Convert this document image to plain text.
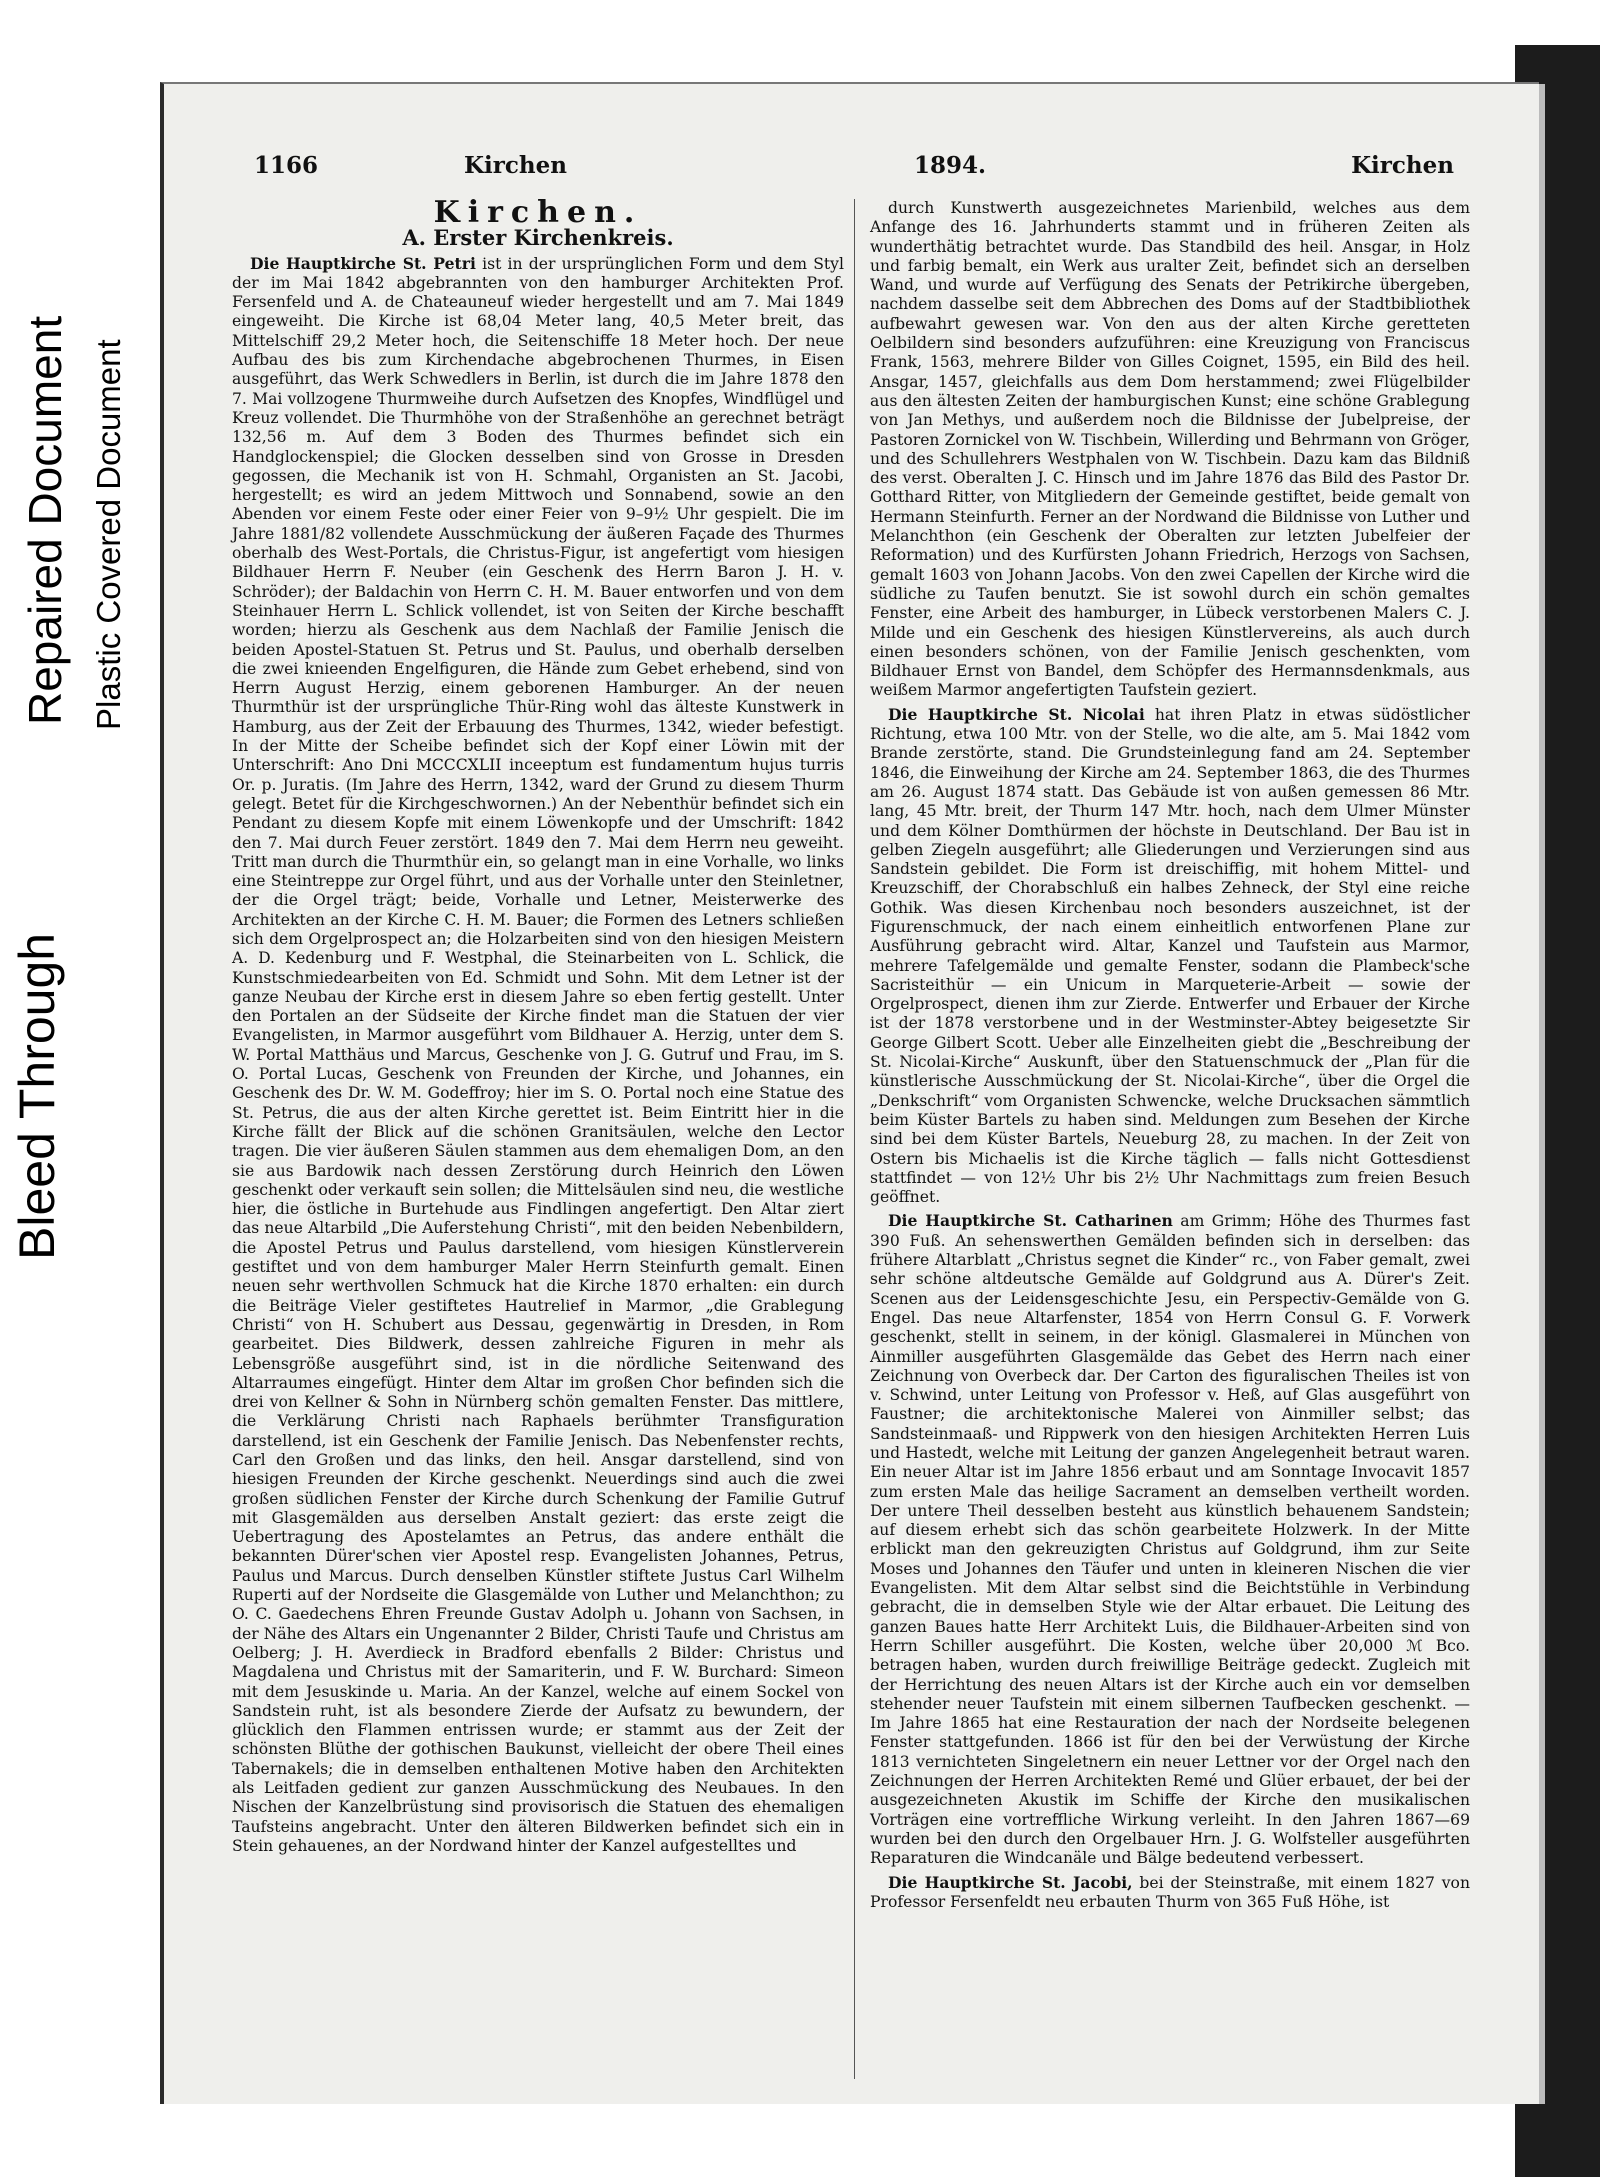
Bleed Through
Repaired Document Plastic Covered Document
1166	Kirchen	1894.	Kirchen
Kirchen.
A. Erster Kirchenkreis.

Die Hauptkirche St. Petri ist in der ursprünglichen Form und dem Styl der im Mai 1842 abgebrannten von den hamburger Architekten Prof. Fersenfeld und A. de Chateauneuf wieder hergestellt und am 7. Mai 1849 eingeweiht. Die Kirche ist 68,04 Meter lang, 40,5 Meter breit, das Mittelschiff 29,2 Meter hoch, die Seitenschiffe 18 Meter hoch. Der neue Aufbau des bis zum Kirchendache abgebrochenen Thurmes, in Eisen ausgeführt, das Werk Schwedlers in Berlin, ist durch die im Jahre 1878 den 7. Mai vollzogene Thurmweihe durch Aufsetzen des Knopfes, Windflügel und Kreuz vollendet. Die Thurmhöhe von der Straßenhöhe an gerechnet beträgt 132,56 m. Auf dem 3 Boden des Thurmes befindet sich ein Handglockenspiel; die Glocken desselben sind von Grosse in Dresden gegossen, die Mechanik ist von H. Schmahl, Organisten an St. Jacobi, hergestellt; es wird an jedem Mittwoch und Sonnabend, sowie an den Abenden vor einem Feste oder einer Feier von 9–9½ Uhr gespielt. Die im Jahre 1881/82 vollendete Ausschmückung der äußeren Façade des Thurmes oberhalb des West-Portals, die Christus-Figur, ist angefertigt vom hiesigen Bildhauer Herrn F. Neuber (ein Geschenk des Herrn Baron J. H. v. Schröder); der Baldachin von Herrn C. H. M. Bauer entworfen und von dem Steinhauer Herrn L. Schlick vollendet, ist von Seiten der Kirche beschafft worden; hierzu als Geschenk aus dem Nachlaß der Familie Jenisch die beiden Apostel-Statuen St. Petrus und St. Paulus, und oberhalb derselben die zwei knieenden Engelfiguren, die Hände zum Gebet erhebend, sind von Herrn August Herzig, einem geborenen Hamburger. An der neuen Thurmthür ist der ursprüngliche Thür-Ring wohl das älteste Kunstwerk in Hamburg, aus der Zeit der Erbauung des Thurmes, 1342, wieder befestigt. In der Mitte der Scheibe befindet sich der Kopf einer Löwin mit der Unterschrift: Ano Dni MCCCXLII inceeptum est fundamentum hujus turris Or. p. Juratis. (Im Jahre des Herrn, 1342, ward der Grund zu diesem Thurm gelegt. Betet für die Kirchgeschwornen.) An der Nebenthür befindet sich ein Pendant zu diesem Kopfe mit einem Löwenkopfe und der Umschrift: 1842 den 7. Mai durch Feuer zerstört. 1849 den 7. Mai dem Herrn neu geweiht. Tritt man durch die Thurmthür ein, so gelangt man in eine Vorhalle, wo links eine Steintreppe zur Orgel führt, und aus der Vorhalle unter den Steinletner, der die Orgel trägt; beide, Vorhalle und Letner, Meisterwerke des Architekten an der Kirche C. H. M. Bauer; die Formen des Letners schließen sich dem Orgelprospect an; die Holzarbeiten sind von den hiesigen Meistern A. D. Kedenburg und F. Westphal, die Steinarbeiten von L. Schlick, die Kunstschmiedearbeiten von Ed. Schmidt und Sohn. Mit dem Letner ist der ganze Neubau der Kirche erst in diesem Jahre so eben fertig gestellt. Unter den Portalen an der Südseite der Kirche findet man die Statuen der vier Evangelisten, in Marmor ausgeführt vom Bildhauer A. Herzig, unter dem S. W. Portal Matthäus und Marcus, Geschenke von J. G. Gutruf und Frau, im S. O. Portal Lucas, Geschenk von Freunden der Kirche, und Johannes, ein Geschenk des Dr. W. M. Godeffroy; hier im S. O. Portal noch eine Statue des St. Petrus, die aus der alten Kirche gerettet ist. Beim Eintritt hier in die Kirche fällt der Blick auf die schönen Granitsäulen, welche den Lector tragen. Die vier äußeren Säulen stammen aus dem ehemaligen Dom, an den sie aus Bardowik nach dessen Zerstörung durch Heinrich den Löwen geschenkt oder verkauft sein sollen; die Mittelsäulen sind neu, die westliche hier, die östliche in Burtehude aus Findlingen angefertigt. Den Altar ziert das neue Altarbild „Die Auferstehung Christi“, mit den beiden Nebenbildern, die Apostel Petrus und Paulus darstellend, vom hiesigen Künstlerverein gestiftet und von dem hamburger Maler Herrn Steinfurth gemalt. Einen neuen sehr werthvollen Schmuck hat die Kirche 1870 erhalten: ein durch die Beiträge Vieler gestiftetes Hautrelief in Marmor, „die Grablegung Christi“ von H. Schubert aus Dessau, gegenwärtig in Dresden, in Rom gearbeitet. Dies Bildwerk, dessen zahlreiche Figuren in mehr als Lebensgröße ausgeführt sind, ist in die nördliche Seitenwand des Altarraumes eingefügt. Hinter dem Altar im großen Chor befinden sich die drei von Kellner & Sohn in Nürnberg schön gemalten Fenster. Das mittlere, die Verklärung Christi nach Raphaels berühmter Transfiguration darstellend, ist ein Geschenk der Familie Jenisch. Das Nebenfenster rechts, Carl den Großen und das links, den heil. Ansgar darstellend, sind von hiesigen Freunden der Kirche geschenkt. Neuerdings sind auch die zwei großen südlichen Fenster der Kirche durch Schenkung der Familie Gutruf mit Glasgemälden aus derselben Anstalt geziert: das erste zeigt die Uebertragung des Apostelamtes an Petrus, das andere enthält die bekannten Dürer'schen vier Apostel resp. Evangelisten Johannes, Petrus, Paulus und Marcus. Durch denselben Künstler stiftete Justus Carl Wilhelm Ruperti auf der Nordseite die Glasgemälde von Luther und Melanchthon; zu O. C. Gaedechens Ehren Freunde Gustav Adolph u. Johann von Sachsen, in der Nähe des Altars ein Ungenannter 2 Bilder, Christi Taufe und Christus am Oelberg; J. H. Averdieck in Bradford ebenfalls 2 Bilder: Christus und Magdalena und Christus mit der Samariterin, und F. W. Burchard: Simeon mit dem Jesuskinde u. Maria. An der Kanzel, welche auf einem Sockel von Sandstein ruht, ist als besondere Zierde der Aufsatz zu bewundern, der glücklich den Flammen entrissen wurde; er stammt aus der Zeit der schönsten Blüthe der gothischen Baukunst, vielleicht der obere Theil eines Tabernakels; die in demselben enthaltenen Motive haben den Architekten als Leitfaden gedient zur ganzen Ausschmückung des Neubaues. In den Nischen der Kanzelbrüstung sind provisorisch die Statuen des ehemaligen Taufsteins angebracht. Unter den älteren Bildwerken befindet sich ein in Stein gehauenes, an der Nordwand hinter der Kanzel aufgestelltes und

durch Kunstwerth ausgezeichnetes Marienbild, welches aus dem Anfange des 16. Jahrhunderts stammt und in früheren Zeiten als wunderthätig betrachtet wurde. Das Standbild des heil. Ansgar, in Holz und farbig bemalt, ein Werk aus uralter Zeit, befindet sich an derselben Wand, und wurde auf Verfügung des Senats der Petrikirche übergeben, nachdem dasselbe seit dem Abbrechen des Doms auf der Stadtbibliothek aufbewahrt gewesen war. Von den aus der alten Kirche geretteten Oelbildern sind besonders aufzuführen: eine Kreuzigung von Franciscus Frank, 1563, mehrere Bilder von Gilles Coignet, 1595, ein Bild des heil. Ansgar, 1457, gleichfalls aus dem Dom herstammend; zwei Flügelbilder aus den ältesten Zeiten der hamburgischen Kunst; eine schöne Grablegung von Jan Methys, und außerdem noch die Bildnisse der Jubelpreise, der Pastoren Zornickel von W. Tischbein, Willerding und Behrmann von Gröger, und des Schullehrers Westphalen von W. Tischbein. Dazu kam das Bildniß des verst. Oberalten J. C. Hinsch und im Jahre 1876 das Bild des Pastor Dr. Gotthard Ritter, von Mitgliedern der Gemeinde gestiftet, beide gemalt von Hermann Steinfurth. Ferner an der Nordwand die Bildnisse von Luther und Melanchthon (ein Geschenk der Oberalten zur letzten Jubelfeier der Reformation) und des Kurfürsten Johann Friedrich, Herzogs von Sachsen, gemalt 1603 von Johann Jacobs. Von den zwei Capellen der Kirche wird die südliche zu Taufen benutzt. Sie ist sowohl durch ein schön gemaltes Fenster, eine Arbeit des hamburger, in Lübeck verstorbenen Malers C. J. Milde und ein Geschenk des hiesigen Künstlervereins, als auch durch einen besonders schönen, von der Familie Jenisch geschenkten, vom Bildhauer Ernst von Bandel, dem Schöpfer des Hermannsdenkmals, aus weißem Marmor angefertigten Taufstein geziert.

Die Hauptkirche St. Nicolai hat ihren Platz in etwas südöstlicher Richtung, etwa 100 Mtr. von der Stelle, wo die alte, am 5. Mai 1842 vom Brande zerstörte, stand. Die Grundsteinlegung fand am 24. September 1846, die Einweihung der Kirche am 24. September 1863, die des Thurmes am 26. August 1874 statt. Das Gebäude ist von außen gemessen 86 Mtr. lang, 45 Mtr. breit, der Thurm 147 Mtr. hoch, nach dem Ulmer Münster und dem Kölner Domthürmen der höchste in Deutschland. Der Bau ist in gelben Ziegeln ausgeführt; alle Gliederungen und Verzierungen sind aus Sandstein gebildet. Die Form ist dreischiffig, mit hohem Mittel- und Kreuzschiff, der Chorabschluß ein halbes Zehneck, der Styl eine reiche Gothik. Was diesen Kirchenbau noch besonders auszeichnet, ist der Figurenschmuck, der nach einem einheitlich entworfenen Plane zur Ausführung gebracht wird. Altar, Kanzel und Taufstein aus Marmor, mehrere Tafelgemälde und gemalte Fenster, sodann die Plambeck'sche Sacristeithür — ein Unicum in Marqueterie-Arbeit — sowie der Orgelprospect, dienen ihm zur Zierde. Entwerfer und Erbauer der Kirche ist der 1878 verstorbene und in der Westminster-Abtey beigesetzte Sir George Gilbert Scott. Ueber alle Einzelheiten giebt die „Beschreibung der St. Nicolai-Kirche“ Auskunft, über den Statuenschmuck der „Plan für die künstlerische Ausschmückung der St. Nicolai-Kirche“, über die Orgel die „Denkschrift“ vom Organisten Schwencke, welche Drucksachen sämmtlich beim Küster Bartels zu haben sind. Meldungen zum Besehen der Kirche sind bei dem Küster Bartels, Neueburg 28, zu machen. In der Zeit von Ostern bis Michaelis ist die Kirche täglich — falls nicht Gottesdienst stattfindet — von 12½ Uhr bis 2½ Uhr Nachmittags zum freien Besuch geöffnet.

Die Hauptkirche St. Catharinen am Grimm; Höhe des Thurmes fast 390 Fuß. An sehenswerthen Gemälden befinden sich in derselben: das frühere Altarblatt „Christus segnet die Kinder“ rc., von Faber gemalt, zwei sehr schöne altdeutsche Gemälde auf Goldgrund aus A. Dürer's Zeit. Scenen aus der Leidensgeschichte Jesu, ein Perspectiv-Gemälde von G. Engel. Das neue Altarfenster, 1854 von Herrn Consul G. F. Vorwerk geschenkt, stellt in seinem, in der königl. Glasmalerei in München von Ainmiller ausgeführten Glasgemälde das Gebet des Herrn nach einer Zeichnung von Overbeck dar. Der Carton des figuralischen Theiles ist von v. Schwind, unter Leitung von Professor v. Heß, auf Glas ausgeführt von Faustner; die architektonische Malerei von Ainmiller selbst; das Sandsteinmaaß- und Rippwerk von den hiesigen Architekten Herren Luis und Hastedt, welche mit Leitung der ganzen Angelegenheit betraut waren. Ein neuer Altar ist im Jahre 1856 erbaut und am Sonntage Invocavit 1857 zum ersten Male das heilige Sacrament an demselben vertheilt worden. Der untere Theil desselben besteht aus künstlich behauenem Sandstein; auf diesem erhebt sich das schön gearbeitete Holzwerk. In der Mitte erblickt man den gekreuzigten Christus auf Goldgrund, ihm zur Seite Moses und Johannes den Täufer und unten in kleineren Nischen die vier Evangelisten. Mit dem Altar selbst sind die Beichtstühle in Verbindung gebracht, die in demselben Style wie der Altar erbauet. Die Leitung des ganzen Baues hatte Herr Architekt Luis, die Bildhauer-Arbeiten sind von Herrn Schiller ausgeführt. Die Kosten, welche über 20,000 ℳ Bco. betragen haben, wurden durch freiwillige Beiträge gedeckt. Zugleich mit der Herrichtung des neuen Altars ist der Kirche auch ein vor demselben stehender neuer Taufstein mit einem silbernen Taufbecken geschenkt. — Im Jahre 1865 hat eine Restauration der nach der Nordseite belegenen Fenster stattgefunden. 1866 ist für den bei der Verwüstung der Kirche 1813 vernichteten Singeletnern ein neuer Lettner vor der Orgel nach den Zeichnungen der Herren Architekten Remé und Glüer erbauet, der bei der ausgezeichneten Akustik im Schiffe der Kirche den musikalischen Vorträgen eine vortreffliche Wirkung verleiht. In den Jahren 1867—69 wurden bei den durch den Orgelbauer Hrn. J. G. Wolfsteller ausgeführten Reparaturen die Windcanäle und Bälge bedeutend verbessert.

Die Hauptkirche St. Jacobi, bei der Steinstraße, mit einem 1827 von Professor Fersenfeldt neu erbauten Thurm von 365 Fuß Höhe, ist
